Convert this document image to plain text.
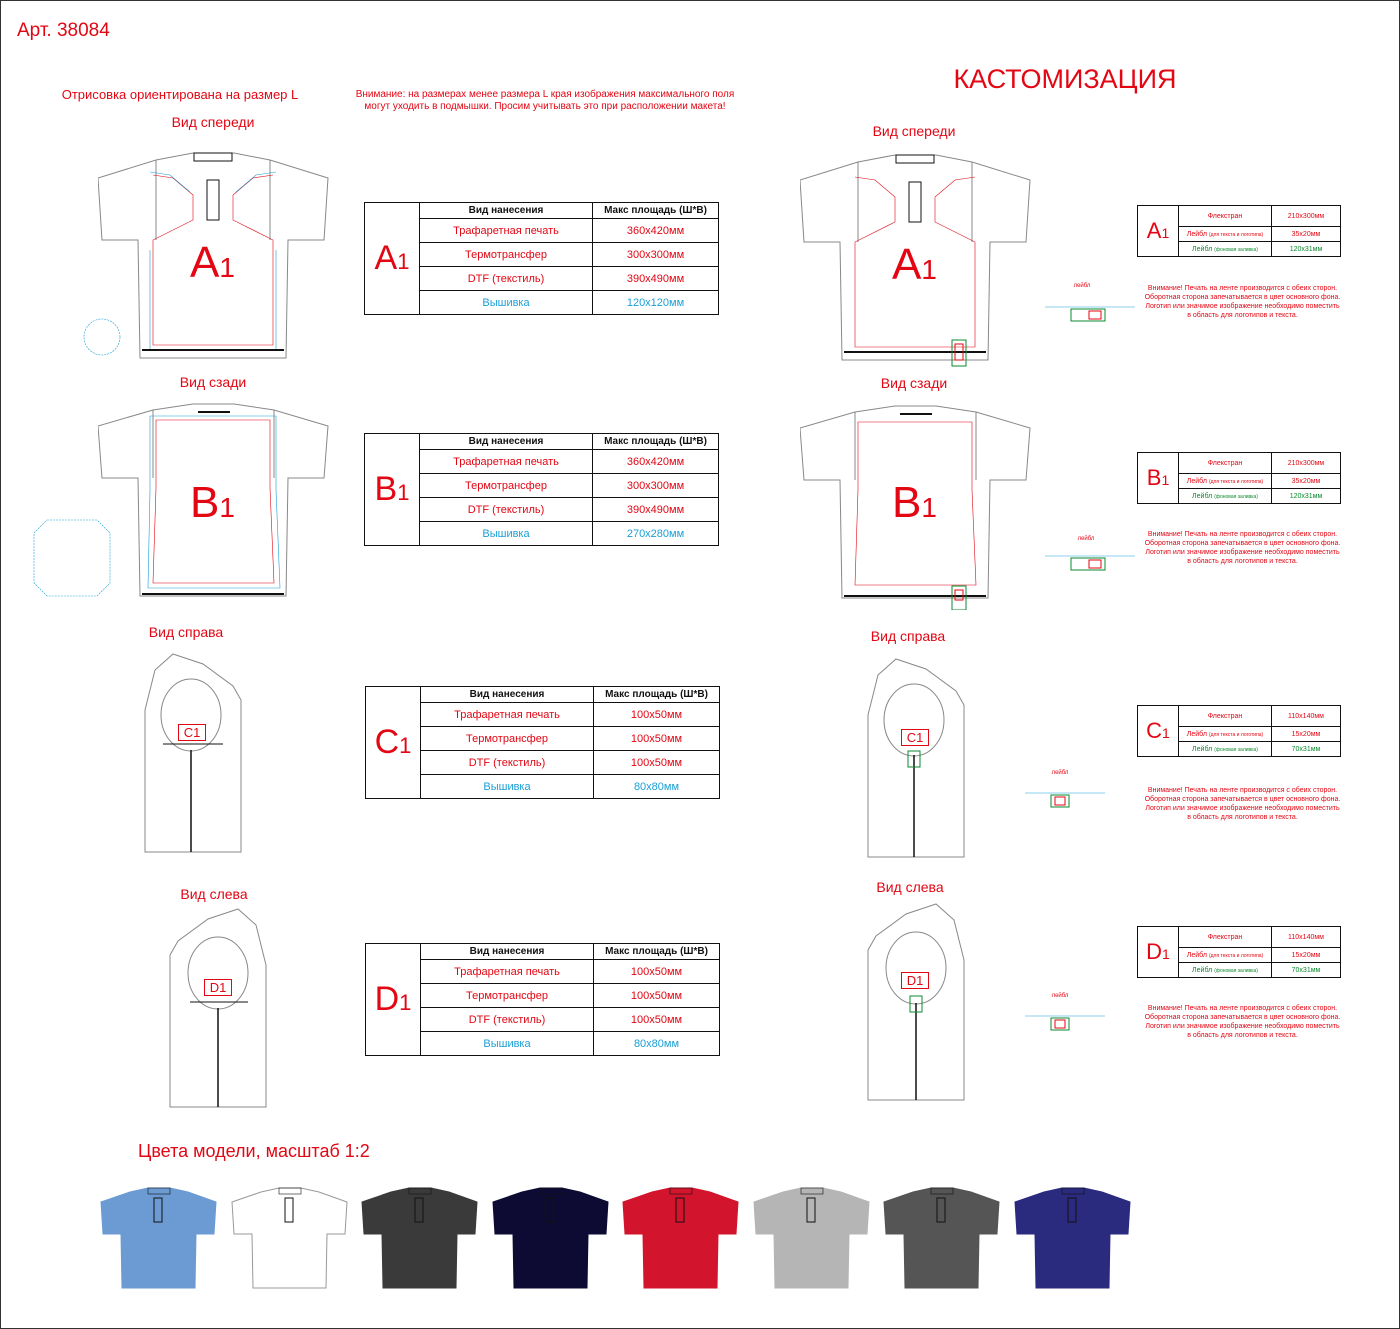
Арт. 38084
Отрисовка ориентирована на размер L	Внимание: на размерах менее размера L края изображения максимального поля
могут уходить в подмышки. Просим учитывать это при расположении макета!
КАСТОМИЗАЦИЯ
Вид спереди
A1	A1	Вид нанесения	Макс площадь (Ш*В)
	Трафаретная печать	360x420мм
	Термотрансфер	300x300мм
	DTF (текстиль)	390x490мм
	Вышивка	120x120мм
Вид сзади
B1	B1	Вид нанесения	Макс площадь (Ш*В)
	Трафаретная печать	360x420мм
	Термотрансфер	300x300мм
	DTF (текстиль)	390x490мм
	Вышивка	270x280мм
Вид справа
C1	C1	Вид нанесения	Макс площадь (Ш*В)
	Трафаретная печать	100x50мм
	Термотрансфер	100x50мм
	DTF (текстиль)	100x50мм
	Вышивка	80x80мм
Вид слева
D1	D1	Вид нанесения	Макс площадь (Ш*В)
	Трафаретная печать	100x50мм
	Термотрансфер	100x50мм
	DTF (текстиль)	100x50мм
	Вышивка	80x80мм
Вид спереди
A1
A1	Флекстран	210x300мм
	Лейбл (для текста и логотипа)	35x20мм
	Лейбл (фоновая заливка)	120x31мм
лейбл	Внимание! Печать на ленте производится с обеих сторон.
Оборотная сторона запечатывается в цвет основного фона.
Логотип или значимое изображение необходимо поместить
в область для логотипов и текста.
Вид сзади
B1
B1	Флекстран	210x300мм
	Лейбл (для текста и логотипа)	35x20мм
	Лейбл (фоновая заливка)	120x31мм
лейбл
Внимание! Печать на ленте производится с обеих сторон.
Оборотная сторона запечатывается в цвет основного фона.
Логотип или значимое изображение необходимо поместить
в область для логотипов и текста.
Вид справа
C1	C1	Флекстран	110x140мм
	Лейбл (для текста и логотипа)	15x20мм
	Лейбл (фоновая заливка)	70x31мм
лейбл
Внимание! Печать на ленте производится с обеих сторон.
Оборотная сторона запечатывается в цвет основного фона.
Логотип или значимое изображение необходимо поместить
в область для логотипов и текста.
Вид слева
D1
D1	Флекстран	110x140мм
	Лейбл (для текста и логотипа)	15x20мм
	Лейбл (фоновая заливка)	70x31мм
лейбл
Внимание! Печать на ленте производится с обеих сторон.
Оборотная сторона запечатывается в цвет основного фона.
Логотип или значимое изображение необходимо поместить
в область для логотипов и текста.
Цвета модели, масштаб 1:2
